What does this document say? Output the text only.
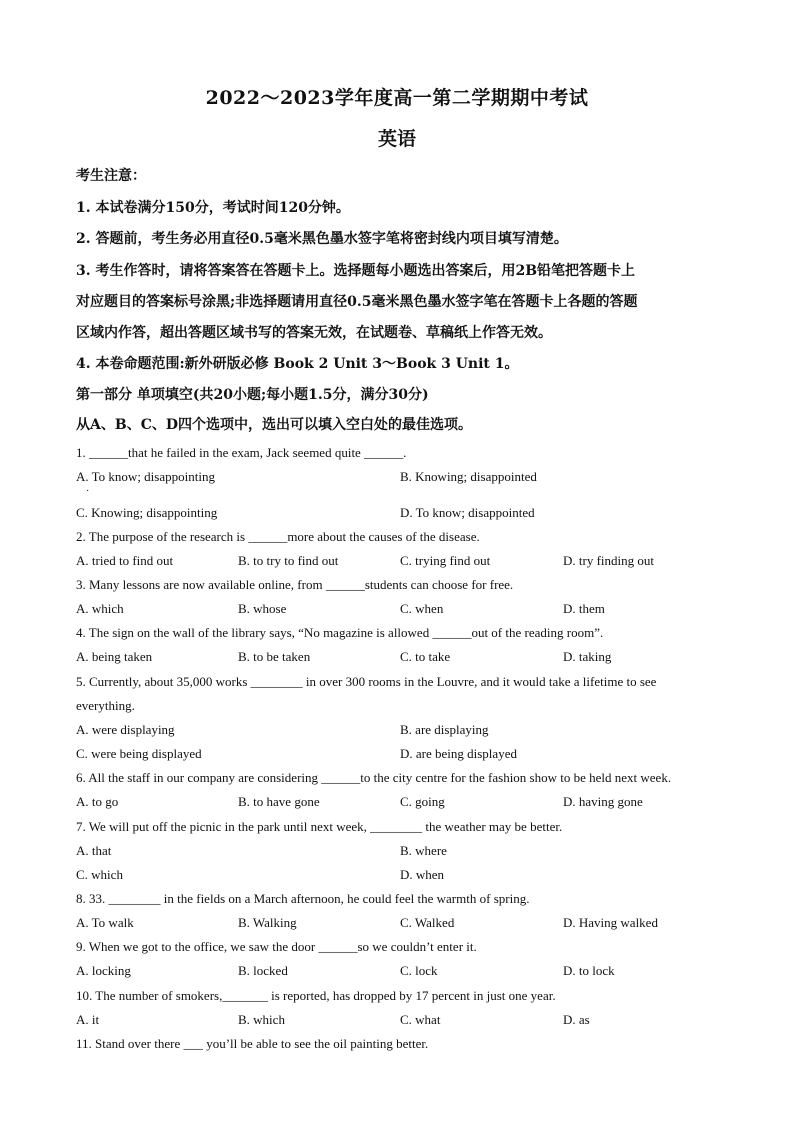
2022～2023学年度高一第二学期期中考试
英语
考生注意：
1. 本试卷满分150分，考试时间120分钟。
2. 答题前，考生务必用直径0.5毫米黑色墨水签字笔将密封线内项目填写清楚。
3. 考生作答时，请将答案答在答题卡上。选择题每小题选出答案后，用2B铅笔把答题卡上
对应题目的答案标号涂黑;非选择题请用直径0.5毫米黑色墨水签字笔在答题卡上各题的答题
区域内作答，超出答题区域书写的答案无效，在试题卷、草稿纸上作答无效。
4. 本卷命题范围:新外研版必修 Book 2 Unit 3～Book 3 Unit 1。
第一部分 单项填空(共20小题;每小题1.5分，满分30分)
从A、B、C、D四个选项中，选出可以填入空白处的最佳选项。
1. ______that he failed in the exam, Jack seemed quite ______.
A. To know; disappointing	B. Knowing; disappointed
·
C. Knowing; disappointing	D. To know; disappointed
2. The purpose of the research is ______more about the causes of the disease.
A. tried to find out	B. to try to find out	C. trying find out	D. try finding out
3. Many lessons are now available online, from ______students can choose for free.
A. which	B. whose	C. when	D. them
4. The sign on the wall of the library says, “No magazine is allowed ______out of the reading room”.
A. being taken	B. to be taken	C. to take	D. taking
5. Currently, about 35,000 works ________ in over 300 rooms in the Louvre, and it would take a lifetime to see
everything.
A. were displaying	B. are displaying
C. were being displayed	D. are being displayed
6. All the staff in our company are considering ______to the city centre for the fashion show to be held next week.
A. to go	B. to have gone	C. going	D. having gone
7. We will put off the picnic in the park until next week, ________ the weather may be better.
A. that	B. where
C. which	D. when
8. 33. ________ in the fields on a March afternoon, he could feel the warmth of spring.
A. To walk	B. Walking	C. Walked	D. Having walked
9. When we got to the office, we saw the door ______so we couldn’t enter it.
A. locking	B. locked	C. lock	D. to lock
10. The number of smokers,_______ is reported, has dropped by 17 percent in just one year.
A. it	B. which	C. what	D. as
11. Stand over there ___ you’ll be able to see the oil painting better.
